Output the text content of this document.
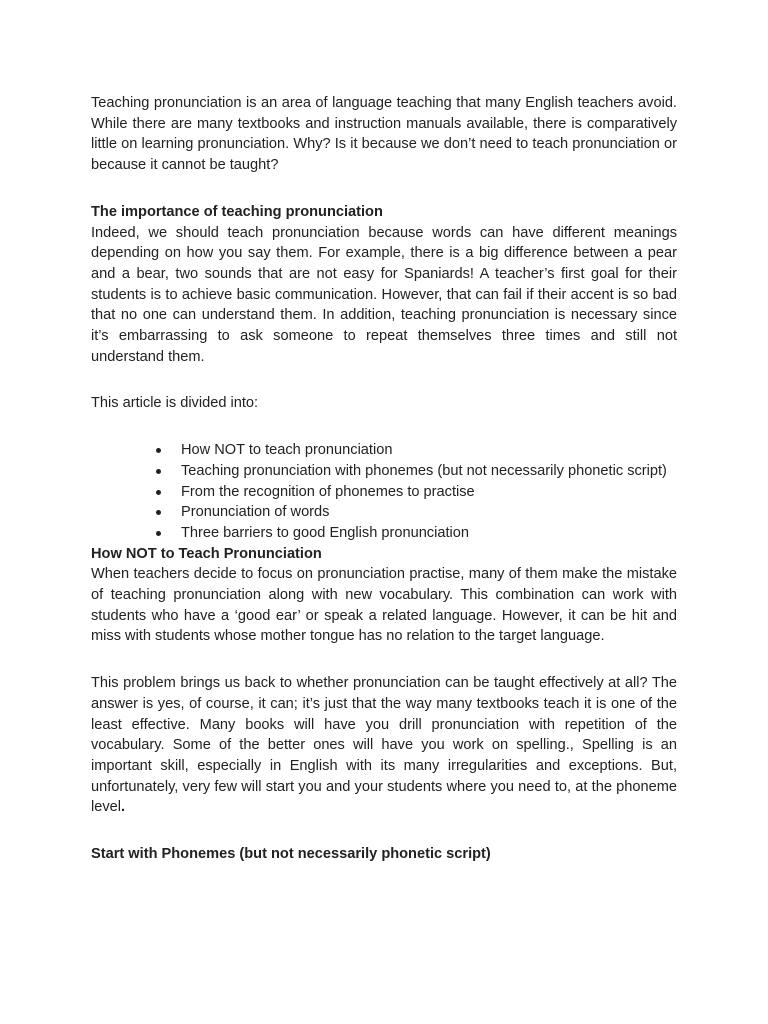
Teaching pronunciation is an area of language teaching that many English teachers avoid. While there are many textbooks and instruction manuals available, there is comparatively little on learning pronunciation. Why? Is it because we don’t need to teach pronunciation or because it cannot be taught?

The importance of teaching pronunciation

Indeed, we should teach pronunciation because words can have different meanings depending on how you say them. For example, there is a big difference between a pear and a bear, two sounds that are not easy for Spaniards! A teacher’s first goal for their students is to achieve basic communication. However, that can fail if their accent is so bad that no one can understand them. In addition, teaching pronunciation is necessary since it’s embarrassing to ask someone to repeat themselves three times and still not understand them.

This article is divided into:

How NOT to teach pronunciation
Teaching pronunciation with phonemes (but not necessarily phonetic script)
From the recognition of phonemes to practise
Pronunciation of words
Three barriers to good English pronunciation
How NOT to Teach Pronunciation

When teachers decide to focus on pronunciation practise, many of them make the mistake of teaching pronunciation along with new vocabulary. This combination can work with students who have a ‘good ear’ or speak a related language. However, it can be hit and miss with students whose mother tongue has no relation to the target language.

This problem brings us back to whether pronunciation can be taught effectively at all? The answer is yes, of course, it can; it’s just that the way many textbooks teach it is one of the least effective. Many books will have you drill pronunciation with repetition of the vocabulary. Some of the better ones will have you work on spelling., Spelling is an important skill, especially in English with its many irregularities and exceptions. But, unfortunately, very few will start you and your students where you need to, at the phoneme level.

Start with Phonemes (but not necessarily phonetic script)
